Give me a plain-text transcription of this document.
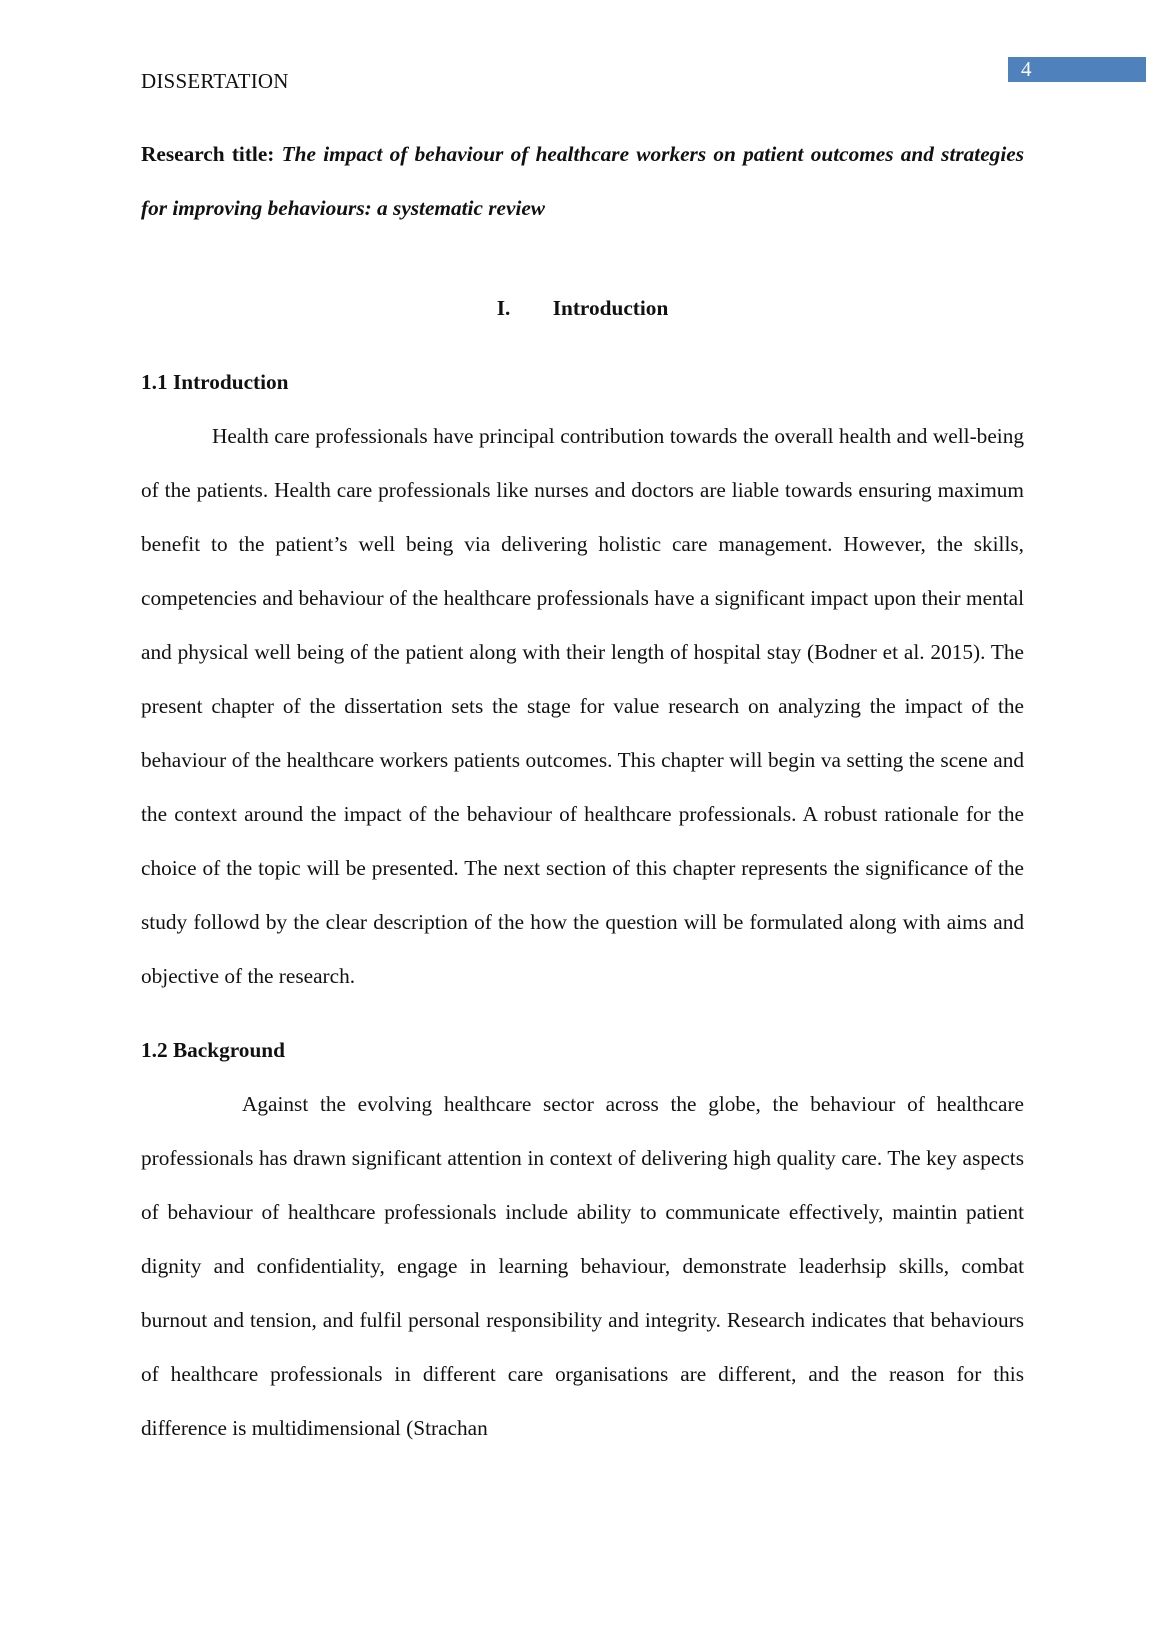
4
DISSERTATION
Research title: The impact of behaviour of healthcare workers on patient outcomes and strategies for improving behaviours: a systematic review
I. Introduction
1.1 Introduction

Health care professionals have principal contribution towards the overall health and well-being of the patients. Health care professionals like nurses and doctors are liable towards ensuring maximum benefit to the patient’s well being via delivering holistic care management. However, the skills, competencies and behaviour of the healthcare professionals have a significant impact upon their mental and physical well being of the patient along with their length of hospital stay (Bodner et al. 2015). The present chapter of the dissertation sets the stage for value research on analyzing the impact of the behaviour of the healthcare workers patients outcomes. This chapter will begin va setting the scene and the context around the impact of the behaviour of healthcare professionals. A robust rationale for the choice of the topic will be presented. The next section of this chapter represents the significance of the study followd by the clear description of the how the question will be formulated along with aims and objective of the research.

1.2 Background

Against the evolving healthcare sector across the globe, the behaviour of healthcare professionals has drawn significant attention in context of delivering high quality care. The key aspects of behaviour of healthcare professionals include ability to communicate effectively, maintin patient dignity and confidentiality, engage in learning behaviour, demonstrate leaderhsip skills, combat burnout and tension, and fulfil personal responsibility and integrity. Research indicates that behaviours of healthcare professionals in different care organisations are different, and the reason for this difference is multidimensional (Strachan
